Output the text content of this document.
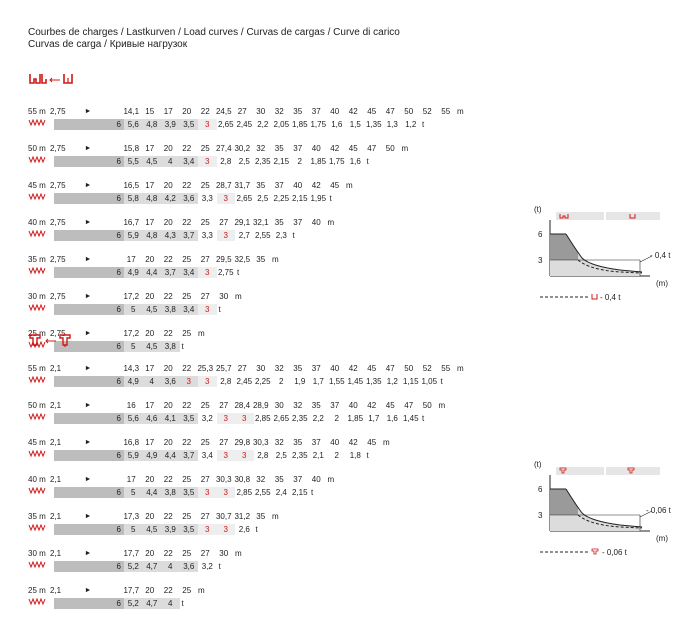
Courbes de charges / Lastkurven / Load curves / Curvas de cargas / Curve di carico
Curvas de carga / Кривые нагрузок
55 m 2,75	►	14,1 15	17	20	22 24,5 27	30	32	35	37	40	42	45	47	50	52	55 m
6 5,6 4,8 3,9 3,5	3	2,65 2,45 2,2 2,05 1,85 1,75 1,6 1,5 1,35 1,3 1,2 t
50 m 2,75	►	15,8 17	20	22	25 27,4 30,2 32	35	37	40	42	45	47	50 m
6 5,5 4,5	4	3,4	3	2,8 2,5 2,35 2,15	2	1,85 1,75 1,6 t
45 m 2,75	►	16,5 17	20	22	25 28,7 31,7 35	37	40	42	45 m
6 5,8 4,8 4,2 3,6 3,3	3	2,65 2,5 2,25 2,15 1,95 t
40 m 2,75	►	16,7 17	20	22	25	27 29,1 32,1 35	37	40 m
6 5,9 4,8 4,3 3,7 3,3	3	2,7 2,55 2,3 t
35 m 2,75	►	17	20	22	25	27 29,5 32,5 35 m
6 4,9 4,4 3,7 3,4	3	2,75 t
30 m 2,75	►	17,2 20	22	25	27	30 m
6	5	4,5 3,8 3,4	3	t
25 m 2,75	►	17,2 20	22	25 m
6	5	4,5 3,8 t
55 m 2,1	►	14,3 17	20	22 25,3 25,7 27	30	32	35	37	40	42	45	47	50	52	55 m
6 4,9	4	3,6	3	3	2,8 2,45 2,25	2	1,9 1,7 1,55 1,45 1,35 1,2 1,15 1,05 t
50 m 2,1	►	16	17	20	22	25	27 28,4 28,9 30	32	35	37	40	42	45	47	50 m
6 5,6 4,6 4,1 3,5 3,2	3	3	2,85 2,65 2,35 2,2	2	1,85 1,7 1,6 1,45 t
45 m 2,1	►	16,8 17	20	22	25	27 29,8 30,3 32	35	37	40	42	45 m
6 5,9 4,9 4,4 3,7 3,4	3	3	2,8 2,5 2,35 2,1	2	1,8 t
40 m 2,1	►	17	20	22	25	27 30,3 30,8 32	35	37	40 m
6	5	4,4 3,8 3,5	3	3	2,85 2,55 2,4 2,15 t
35 m 2,1	►	17,3 20	22	25	27 30,7 31,2 35 m
6	5	4,5 3,9 3,5	3	3	2,6 t
30 m 2,1	►	17,7 20	22	25	27	30 m
6 5,2 4,7	4	3,6 3,2 t
25 m 2,1	►	17,7 20	22	25 m
6 5,2 4,7	4	t
(t)
6
3
- 0,4 t
(m)
- 0,4 t
(t)
6
3
- 0,06 t
(m)
- 0,06 t
